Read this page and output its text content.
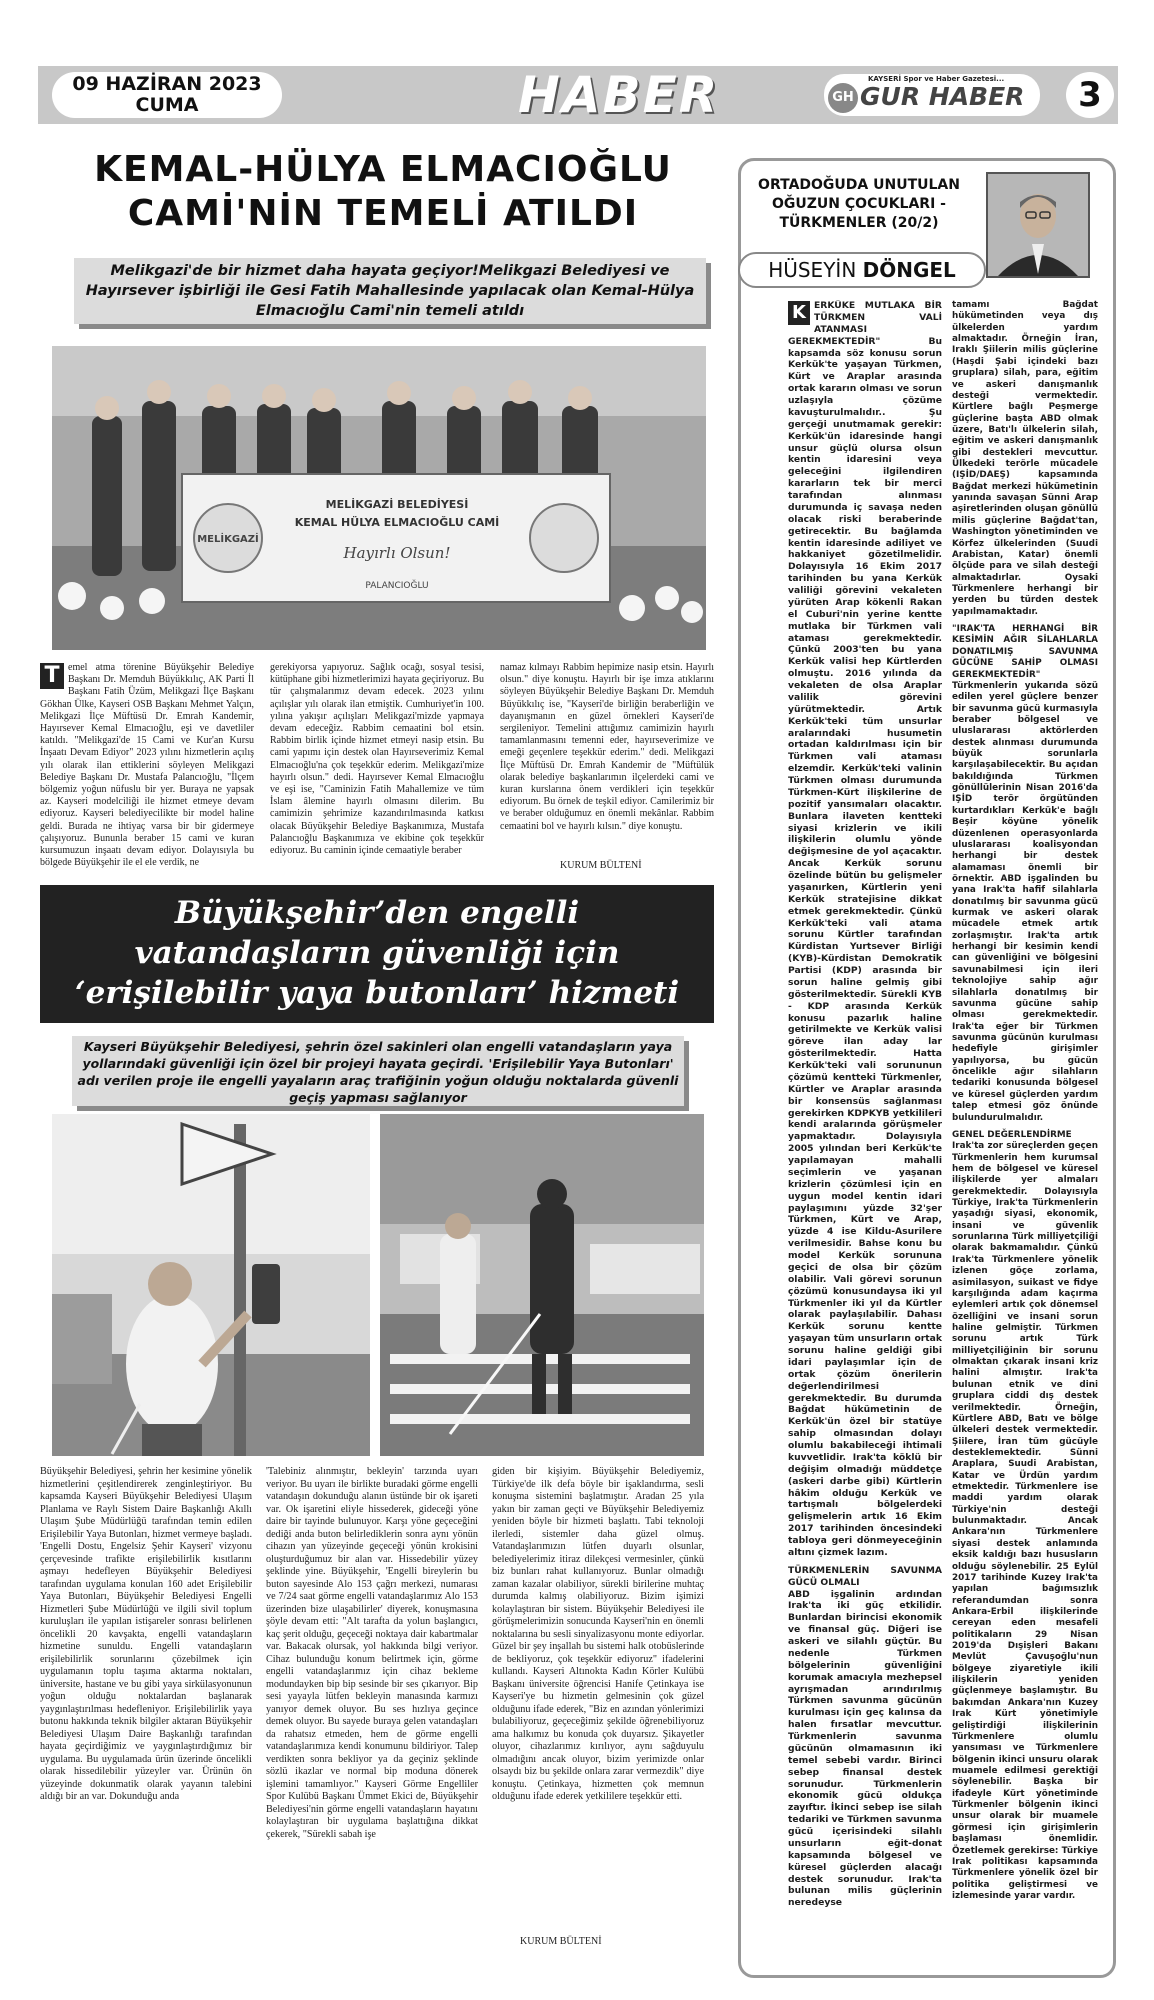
09 HAZİRAN 2023
CUMA	HABER	KAYSERİ Spor ve Haber Gazetesi...
GH GUR HABER	3
KEMAL-HÜLYA ELMACIOĞLU
CAMİ'NİN TEMELİ ATILDI
Melikgazi'de bir hizmet daha hayata geçiyor!Melikgazi Belediyesi ve Hayırsever işbirliği ile Gesi Fatih Mahallesinde yapılacak olan Kemal-Hülya Elmacıoğlu Cami'nin temeli atıldı
MELİKGAZİ
MELİKGAZİ BELEDİYESİ
KEMAL HÜLYA ELMACIOĞLU CAMİ
Hayırlı Olsun!
PALANCIOĞLU
T emel atma törenine Büyükşehir Belediye Başkanı Dr. Memduh Büyükkılıç, AK Parti İl Başkanı Fatih Üzüm, Melikgazi İlçe Başkanı Gökhan Ülke, Kayseri OSB Başkanı Mehmet Yalçın, Melikgazi İlçe Müftüsü Dr. Emrah Kandemir, Hayırsever Kemal Elmacıoğlu, eşi ve davetliler katıldı. "Melikgazi'de 15 Cami ve Kur'an Kursu İnşaatı Devam Ediyor" 2023 yılını hizmetlerin açılış yılı olarak ilan ettiklerini söyleyen Melikgazi Belediye Başkanı Dr. Mustafa Palancıoğlu, "İlçem bölgemiz yoğun nüfuslu bir yer. Buraya ne yapsak az. Kayseri modelciliği ile hizmet etmeye devam ediyoruz. Kayseri belediyecilikte bir model haline geldi. Burada ne ihtiyaç varsa bir bir gidermeye çalışıyoruz. Bununla beraber 15 cami ve kuran kursumuzun inşaatı devam ediyor. Dolayısıyla bu bölgede Büyükşehir ile el ele verdik, ne

gerekiyorsa yapıyoruz. Sağlık ocağı, sosyal tesisi, kütüphane gibi hizmetlerimizi hayata geçiriyoruz. Bu tür çalışmalarımız devam edecek. 2023 yılını açılışlar yılı olarak ilan etmiştik. Cumhuriyet'in 100. yılına yakışır açılışları Melikgazi'mizde yapmaya devam edeceğiz. Rabbim cemaatini bol etsin. Rabbim birlik içinde hizmet etmeyi nasip etsin. Bu cami yapımı için destek olan Hayırseverimiz Kemal Elmacıoğlu'na çok teşekkür ederim. Melikgazi'mize hayırlı olsun." dedi. Hayırsever Kemal Elmacıoğlu ve eşi ise, "Caminizin Fatih Mahallemize ve tüm İslam âlemine hayırlı olmasını dilerim. Bu camimizin şehrimize kazandırılmasında katkısı olacak Büyükşehir Belediye Başkanımıza, Mustafa Palancıoğlu Başkanımıza ve ekibine çok teşekkür ediyoruz. Bu caminin içinde cemaatiyle beraber

namaz kılmayı Rabbim hepimize nasip etsin. Hayırlı olsun." diye konuştu. Hayırlı bir işe imza atıklarını söyleyen Büyükşehir Belediye Başkanı Dr. Memduh Büyükkılıç ise, "Kayseri'de birliğin beraberliğin ve dayanışmanın en güzel örnekleri Kayseri'de sergileniyor. Temelini attığımız camimizin hayırlı tamamlanmasını temenni eder, hayırseverimize ve emeği geçenlere teşekkür ederim." dedi. Melikgazi İlçe Müftüsü Dr. Emrah Kandemir de "Müftülük olarak belediye başkanlarımın ilçelerdeki cami ve kuran kurslarına önem verdikleri için teşekkür ediyorum. Bu örnek de teşkil ediyor. Camilerimiz bir ve beraber olduğumuz en önemli mekânlar. Rabbim cemaatini bol ve hayırlı kılsın." diye konuştu.

KURUM BÜLTENİ
Büyükşehir’den engelli
vatandaşların güvenliği için
‘erişilebilir yaya butonları’ hizmeti
Kayseri Büyükşehir Belediyesi, şehrin özel sakinleri olan engelli vatandaşların yaya yollarındaki güvenliği için özel bir projeyi hayata geçirdi. 'Erişilebilir Yaya Butonları' adı verilen proje ile engelli yayaların araç trafiğinin yoğun olduğu noktalarda güvenli geçiş yapması sağlanıyor

Büyükşehir Belediyesi, şehrin her kesimine yönelik hizmetlerini çeşitlendirerek zenginleştiriyor. Bu kapsamda Kayseri Büyükşehir Belediyesi Ulaşım Planlama ve Raylı Sistem Daire Başkanlığı Akıllı Ulaşım Şube Müdürlüğü tarafından temin edilen Erişilebilir Yaya Butonları, hizmet vermeye başladı. 'Engelli Dostu, Engelsiz Şehir Kayseri' vizyonu çerçevesinde trafikte erişilebilirlik kısıtlarını aşmayı hedefleyen Büyükşehir Belediyesi tarafından uygulama konulan 160 adet Erişilebilir Yaya Butonları, Büyükşehir Belediyesi Engelli Hizmetleri Şube Müdürlüğü ve ilgili sivil toplum kuruluşları ile yapılan istişareler sonrası belirlenen öncelikli 20 kavşakta, engelli vatandaşların hizmetine sunuldu. Engelli vatandaşların erişilebilirlik sorunlarını çözebilmek için uygulamanın toplu taşıma aktarma noktaları, üniversite, hastane ve bu gibi yaya sirkülasyonunun yoğun olduğu noktalardan başlanarak yaygınlaştırılması hedefleniyor. Erişilebilirlik yaya butonu hakkında teknik bilgiler aktaran Büyükşehir Belediyesi Ulaşım Daire Başkanlığı tarafından hayata geçirdiğimiz ve yaygınlaştırdığımız bir uygulama. Bu uygulamada ürün üzerinde öncelikli olarak hissedilebilir yüzeyler var. Ürünün ön yüzeyinde dokunmatik olarak yayanın talebini aldığı bir an var. Dokunduğu anda

'Talebiniz alınmıştır, bekleyin' tarzında uyarı veriyor. Bu uyarı ile birlikte buradaki görme engelli vatandaşın dokunduğu alanın üstünde bir ok işareti var. Ok işaretini eliyle hissederek, gideceği yöne daire bir tayinde bulunuyor. Karşı yöne geçeceğini dediği anda buton belirlediklerin sonra aynı yönün cihazın yan yüzeyinde geçeceği yönün krokisini oluşturduğumuz bir alan var. Hissedebilir yüzey şeklinde yine. Büyükşehir, 'Engelli bireylerin bu buton sayesinde Alo 153 çağrı merkezi, numarası ve 7/24 saat görme engelli vatandaşlarımız Alo 153 üzerinden bize ulaşabilirler' diyerek, konuşmasına şöyle devam etti: "Alt tarafta da yolun başlangıcı, kaç şerit olduğu, geçeceği noktaya dair kabartmalar var. Bakacak olursak, yol hakkında bilgi veriyor. Cihaz bulunduğu konum belirtmek için, görme engelli vatandaşlarımız için cihaz bekleme modundayken bip bip sesinde bir ses çıkarıyor. Bip sesi yayayla lütfen bekleyin manasında karmızı yanıyor demek oluyor. Bu ses hızlıya geçince demek oluyor. Bu sayede buraya gelen vatandaşları da rahatsız etmeden, hem de görme engelli vatandaşlarımıza kendi konumunu bildiriyor. Talep verdikten sonra bekliyor ya da geçiniz şeklinde sözlü ikazlar ve normal bip moduna dönerek işlemini tamamlıyor." Kayseri Görme Engelliler Spor Kulübü Başkanı Ümmet Ekici de, Büyükşehir Belediyesi'nin görme engelli vatandaşların hayatını kolaylaştıran bir uygulama başlattığına dikkat çekerek, "Sürekli sabah işe

giden bir kişiyim. Büyükşehir Belediyemiz, Türkiye'de ilk defa böyle bir işaklandırma, sesli konuşma sistemini başlatmıştır. Aradan 25 yıla yakın bir zaman geçti ve Büyükşehir Belediyemiz yeniden böyle bir hizmeti başlattı. Tabi teknoloji ilerledi, sistemler daha güzel olmuş. Vatandaşlarımızın lütfen duyarlı olsunlar, belediyelerimiz itiraz dilekçesi vermesinler, çünkü biz bunları rahat kullanıyoruz. Bunlar olmadığı zaman kazalar olabiliyor, sürekli birilerine muhtaç durumda kalmış olabiliyoruz. Bizim işimizi kolaylaştıran bir sistem. Büyükşehir Belediyesi ile görüşmelerimizin sonucunda Kayseri'nin en önemli noktalarına bu sesli sinyalizasyonu monte ediyorlar. Güzel bir şey inşallah bu sistemi halk otobüslerinde de bekliyoruz, çok teşekkür ediyoruz" ifadelerini kullandı. Kayseri Altınokta Kadın Körler Kulübü Başkanı üniversite öğrencisi Hanife Çetinkaya ise Kayseri'ye bu hizmetin gelmesinin çok güzel olduğunu ifade ederek, "Biz en azından yönlerimizi bulabiliyoruz, geçeceğimiz şekilde öğrenebiliyoruz ama halkımız bu konuda çok duyarsız. Şikayetler oluyor, cihazlarımız kırılıyor, aynı sağduyulu olmadığını ancak oluyor, bizim yerimizde onlar olsaydı biz bu şekilde onlara zarar vermezdik" diye konuştu. Çetinkaya, hizmetten çok memnun olduğunu ifade ederek yetkililere teşekkür etti.

KURUM BÜLTENİ
ORTADOĞUDA UNUTULAN
OĞUZUN ÇOCUKLARI -
TÜRKMENLER (20/2)
HÜSEYİN DÖNGEL
K ERKÜKE MUTLAKA BİR TÜRKMEN VALİ ATANMASI GEREKMEKTEDİR" Bu kapsamda söz konusu sorun Kerkük'te yaşayan Türkmen, Kürt ve Araplar arasında ortak kararın olması ve sorun uzlaşıyla çözüme kavuşturulmalıdır.. Şu gerçeği unutmamak gerekir: Kerkük'ün idaresinde hangi unsur güçlü olursa olsun kentin idaresini veya geleceğini ilgilendiren kararların tek bir merci tarafından alınması durumunda iç savaşa neden olacak riski beraberinde getirecektir. Bu bağlamda kentin idaresinde adiliyet ve hakkaniyet gözetilmelidir. Dolayısıyla 16 Ekim 2017 tarihinden bu yana Kerkük valiliği görevini vekaleten yürüten Arap kökenli Rakan el Cuburi'nin yerine kentte mutlaka bir Türkmen vali ataması gerekmektedir. Çünkü 2003'ten bu yana Kerkük valisi hep Kürtlerden olmuştu. 2016 yılında da vekaleten de olsa Araplar valilik görevini yürütmektedir. Artık Kerkük'teki tüm unsurlar aralarındaki husumetin ortadan kaldırılması için bir Türkmen vali ataması elzemdir. Kerkük'teki valinin Türkmen olması durumunda Türkmen-Kürt ilişkilerine de pozitif yansımaları olacaktır. Bunlara ilaveten kentteki siyasi krizlerin ve ikili ilişkilerin olumlu yönde değişmesine de yol açacaktır. Ancak Kerkük sorunu özelinde bütün bu gelişmeler yaşanırken, Kürtlerin yeni Kerkük stratejisine dikkat etmek gerekmektedir. Çünkü Kerkük'teki vali atama sorunu Kürtler tarafından Kürdistan Yurtsever Birliği (KYB)-Kürdistan Demokratik Partisi (KDP) arasında bir sorun haline gelmiş gibi gösterilmektedir. Sürekli KYB - KDP arasında Kerkük konusu pazarlık haline getirilmekte ve Kerkük valisi göreve ilan aday lar gösterilmektedir. Hatta Kerkük'teki vali sorununun çözümü kentteki Türkmenler, Kürtler ve Araplar arasında bir konsensüs sağlanması gerekirken KDPKYB yetkilileri kendi aralarında görüşmeler yapmaktadır. Dolayısıyla 2005 yılından beri Kerkük'te yapılamayan mahalli seçimlerin ve yaşanan krizlerin çözümlesi için en uygun model kentin idari paylaşımını yüzde 32'şer Türkmen, Kürt ve Arap, yüzde 4 ise Kildu-Asurilere verilmesidir. Bahse konu bu model Kerkük sorununa geçici de olsa bir çözüm olabilir. Vali görevi sorunun çözümü konusundaysa iki yıl Türkmenler iki yıl da Kürtler olarak paylaşılabilir. Dahası Kerkük sorunu kentte yaşayan tüm unsurların ortak sorunu haline geldiği gibi idari paylaşımlar için de ortak çözüm önerilerin değerlendirilmesi gerekmektedir. Bu durumda Bağdat hükümetinin de Kerkük'ün özel bir statüye sahip olmasından dolayı olumlu bakabileceği ihtimali kuvvetlidir. Irak'ta köklü bir değişim olmadığı müddetçe (askeri darbe gibi) Kürtlerin hâkim olduğu Kerkük ve tartışmalı bölgelerdeki gelişmelerin artık 16 Ekim 2017 tarihinden öncesindeki tabloya geri dönmeyeceğinin altını çizmek lazım.

TÜRKMENLERİN SAVUNMA GÜCÜ OLMALI

ABD işgalinin ardından Irak'ta iki güç etkilidir. Bunlardan birincisi ekonomik ve finansal güç. Diğeri ise askeri ve silahlı güçtür. Bu nedenle Türkmen bölgelerinin güvenliğini korumak amacıyla mezhepsel ayrışmadan arındırılmış Türkmen savunma gücünün kurulması için geç kalınsa da halen fırsatlar mevcuttur. Türkmenlerin savunma gücünün olmamasının iki temel sebebi vardır. Birinci sebep finansal destek sorunudur. Türkmenlerin ekonomik gücü oldukça zayıftır. İkinci sebep ise silah tedariki ve Türkmen savunma gücü içerisindeki silahlı unsurların eğit-donat kapsamında bölgesel ve küresel güçlerden alacağı destek sorunudur. Irak'ta bulunan milis güçlerinin neredeyse

tamamı Bağdat hükümetinden veya dış ülkelerden yardım almaktadır. Örneğin İran, Iraklı Şiilerin milis güçlerine (Haşdi Şabi içindeki bazı gruplara) silah, para, eğitim ve askeri danışmanlık desteği vermektedir. Kürtlere bağlı Peşmerge güçlerine başta ABD olmak üzere, Batı'lı ülkelerin silah, eğitim ve askeri danışmanlık gibi destekleri mevcuttur. Ülkedeki terörle mücadele (IŞİD/DAEŞ) kapsamında Bağdat merkezi hükümetinin yanında savaşan Sünni Arap aşiretlerinden oluşan gönüllü milis güçlerine Bağdat'tan, Washington yönetiminden ve Körfez ülkelerinden (Suudi Arabistan, Katar) önemli ölçüde para ve silah desteği almaktadırlar. Oysaki Türkmenlere herhangi bir yerden bu türden destek yapılmamaktadır.

"IRAK'TA HERHANGİ BİR KESİMİN AĞIR SİLAHLARLA DONATILMIŞ SAVUNMA GÜCÜNE SAHİP OLMASI GEREKMEKTEDİR"

Türkmenlerin yukarıda sözü edilen yerel güçlere benzer bir savunma gücü kurmasıyla beraber bölgesel ve uluslararası aktörlerden destek alınması durumunda büyük sorunlarla karşılaşabilecektir. Bu açıdan bakıldığında Türkmen gönüllülerinin Nisan 2016'da IŞİD terör örgütünden kurtardıkları Kerkük'e bağlı Beşir köyüne yönelik düzenlenen operasyonlarda uluslararası koalisyondan herhangi bir destek alamaması önemli bir örnektir. ABD işgalinden bu yana Irak'ta hafif silahlarla donatılmış bir savunma gücü kurmak ve askeri olarak mücadele etmek artık zorlaşmıştır. Irak'ta artık herhangi bir kesimin kendi can güvenliğini ve bölgesini savunabilmesi için ileri teknolojiye sahip ağır silahlarla donatılmış bir savunma gücüne sahip olması gerekmektedir. Irak'ta eğer bir Türkmen savunma gücünün kurulması hedefiyle girişimler yapılıyorsa, bu gücün öncelikle ağır silahların tedariki konusunda bölgesel ve küresel güçlerden yardım talep etmesi göz önünde bulundurulmalıdır.

GENEL DEĞERLENDİRME

Irak'ta zor süreçlerden geçen Türkmenlerin hem kurumsal hem de bölgesel ve küresel ilişkilerde yer almaları gerekmektedir. Dolayısıyla Türkiye, Irak'ta Türkmenlerin yaşadığı siyasi, ekonomik, insani ve güvenlik sorunlarına Türk milliyetçiliği olarak bakmamalıdır. Çünkü Irak'ta Türkmenlere yönelik izlenen göçe zorlama, asimilasyon, suikast ve fidye karşılığında adam kaçırma eylemleri artık çok dönemsel özelliğini ve insani sorun haline gelmiştir. Türkmen sorunu artık Türk milliyetçiliğinin bir sorunu olmaktan çıkarak insani kriz halini almıştır. Irak'ta bulunan etnik ve dini gruplara ciddi dış destek verilmektedir. Örneğin, Kürtlere ABD, Batı ve bölge ülkeleri destek vermektedir. Şiilere, İran tüm gücüyle desteklemektedir. Sünni Araplara, Suudi Arabistan, Katar ve Ürdün yardım etmektedir. Türkmenlere ise maddi yardım olarak Türkiye'nin desteği bulunmaktadır. Ancak Ankara'nın Türkmenlere siyasi destek anlamında eksik kaldığı bazı hususların olduğu söylenebilir. 25 Eylül 2017 tarihinde Kuzey Irak'ta yapılan bağımsızlık referandumdan sonra Ankara-Erbil ilişkilerinde cereyan eden mesafeli politikaların 29 Nisan 2019'da Dışişleri Bakanı Mevlüt Çavuşoğlu'nun bölgeye ziyaretiyle ikili ilişkilerin yeniden güçlenmeye başlamıştır. Bu bakımdan Ankara'nın Kuzey Irak Kürt yönetimiyle geliştirdiği ilişkilerinin Türkmenlere olumlu yansıması ve Türkmenlere bölgenin ikinci unsuru olarak muamele edilmesi gerektiği söylenebilir. Başka bir ifadeyle Kürt yönetiminde Türkmenler bölgenin ikinci unsur olarak bir muamele görmesi için girişimlerin başlaması önemlidir. Özetlemek gerekirse: Türkiye Irak politikası kapsamında Türkmenlere yönelik özel bir politika geliştirmesi ve izlemesinde yarar vardır.
